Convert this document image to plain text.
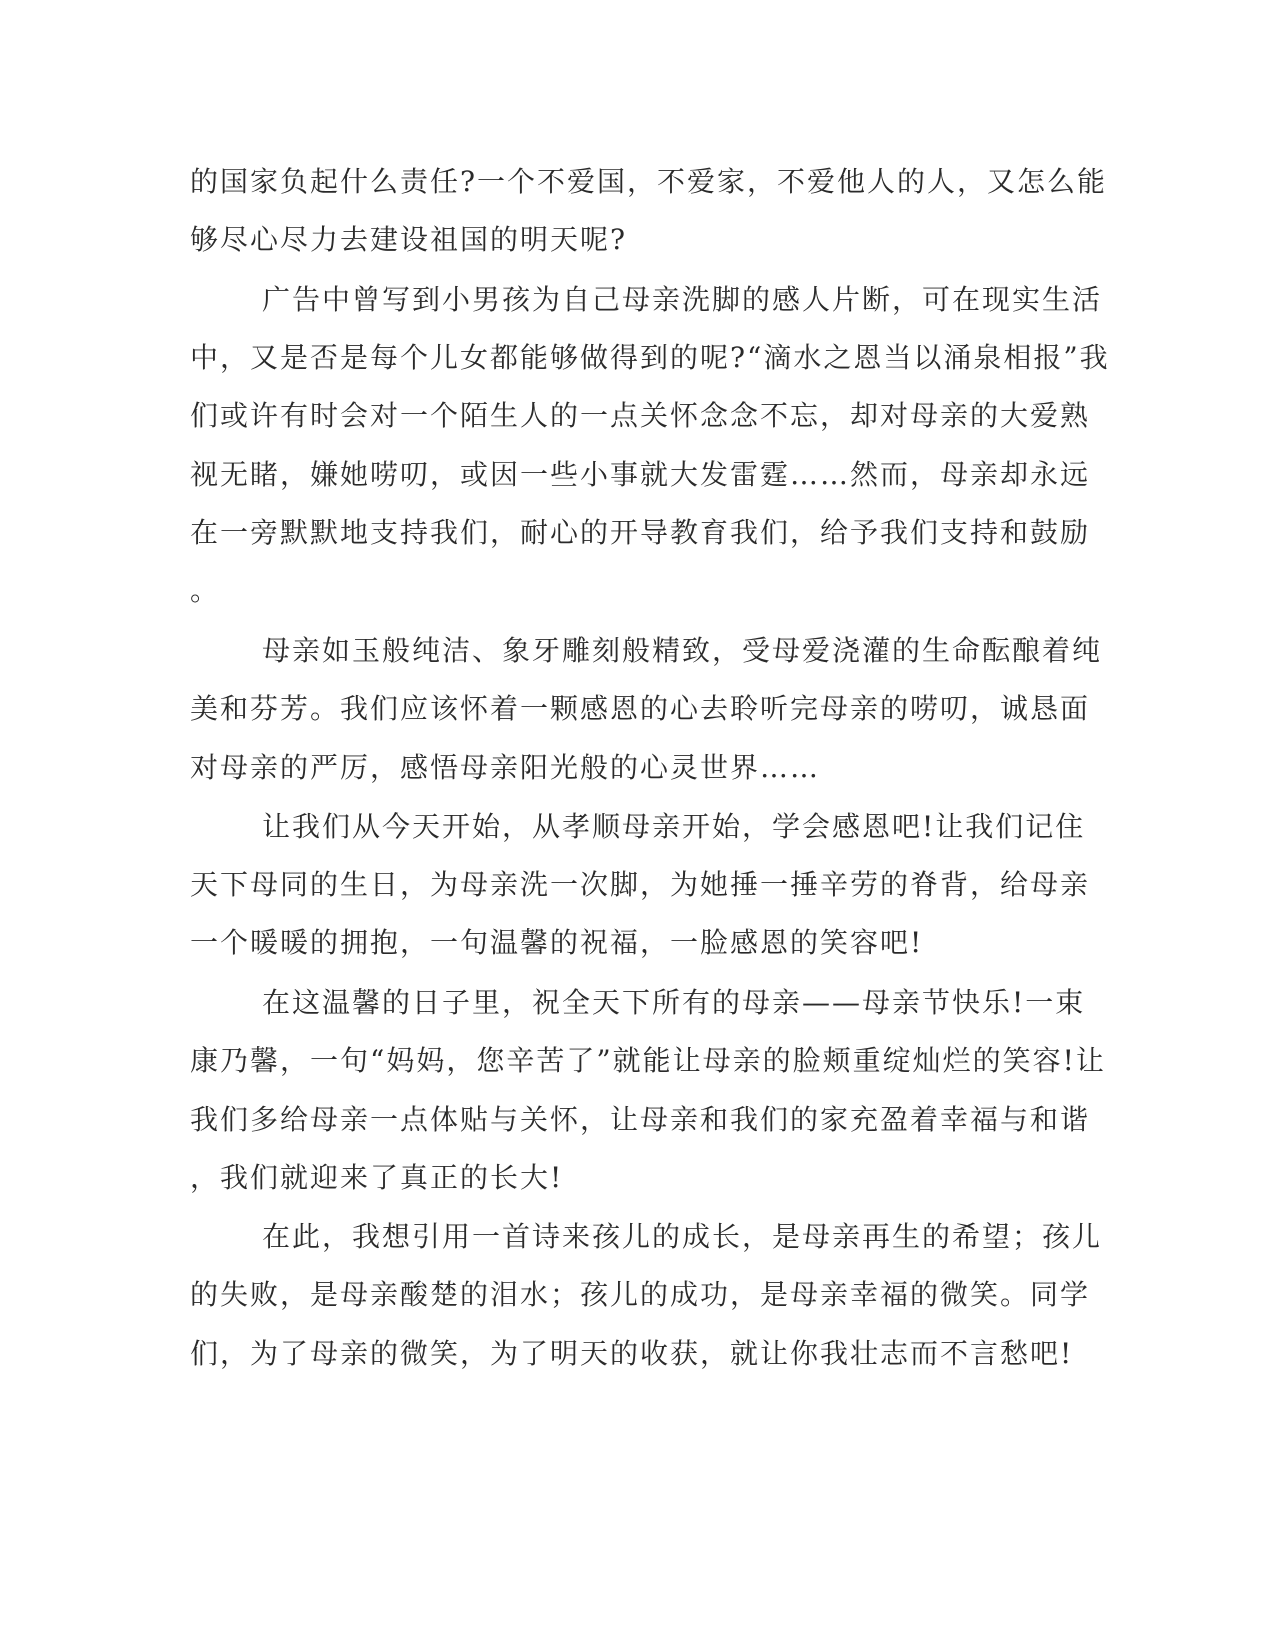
的国家负起什么责任?一个不爱国，不爱家，不爱他人的人，又怎么能
够尽心尽力去建设祖国的明天呢?
广告中曾写到小男孩为自己母亲洗脚的感人片断，可在现实生活
中，又是否是每个儿女都能够做得到的呢?“滴水之恩当以涌泉相报”我
们或许有时会对一个陌生人的一点关怀念念不忘，却对母亲的大爱熟
视无睹，嫌她唠叨，或因一些小事就大发雷霆……然而，母亲却永远
在一旁默默地支持我们，耐心的开导教育我们，给予我们支持和鼓励
。
母亲如玉般纯洁、象牙雕刻般精致，受母爱浇灌的生命酝酿着纯
美和芬芳。我们应该怀着一颗感恩的心去聆听完母亲的唠叨，诚恳面
对母亲的严厉，感悟母亲阳光般的心灵世界……
让我们从今天开始，从孝顺母亲开始，学会感恩吧!让我们记住
天下母同的生日，为母亲洗一次脚，为她捶一捶辛劳的脊背，给母亲
一个暖暖的拥抱，一句温馨的祝福，一脸感恩的笑容吧!
在这温馨的日子里，祝全天下所有的母亲——母亲节快乐!一束
康乃馨，一句“妈妈，您辛苦了”就能让母亲的脸颊重绽灿烂的笑容!让
我们多给母亲一点体贴与关怀，让母亲和我们的家充盈着幸福与和谐
，我们就迎来了真正的长大!
在此，我想引用一首诗来孩儿的成长，是母亲再生的希望；孩儿
的失败，是母亲酸楚的泪水；孩儿的成功，是母亲幸福的微笑。同学
们，为了母亲的微笑，为了明天的收获，就让你我壮志而不言愁吧!
